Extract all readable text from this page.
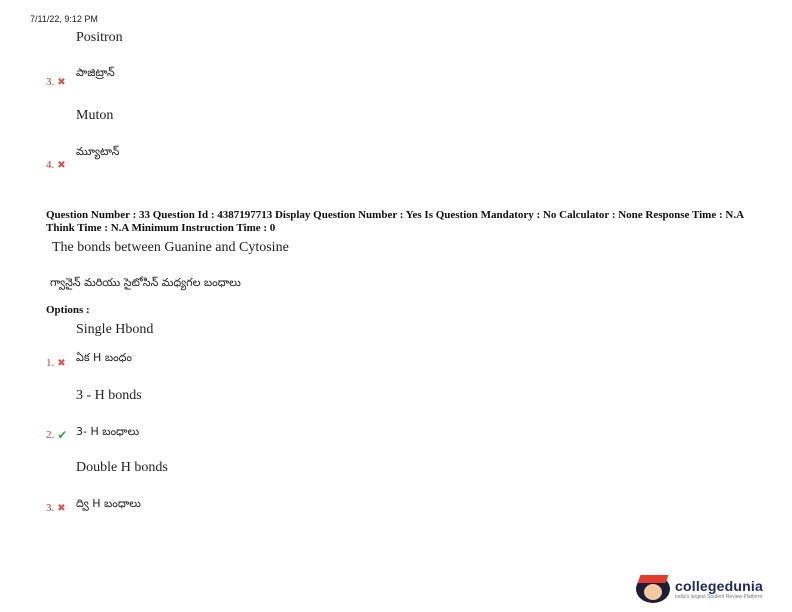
7/11/22, 9:12 PM
Positron
3. ✖
పాజిట్రాన్
Muton
4. ✖
మ్యూటాన్
Question Number : 33 Question Id : 4387197713 Display Question Number : Yes Is Question Mandatory : No Calculator : None Response Time : N.A Think Time : N.A Minimum Instruction Time : 0
The bonds between Guanine and Cytosine
గ్వానైన్ మరియు సైటోసిన్ మధ్యగల బంధాలు
Options :
Single Hbond
1. ✖ ఏక H బంధం
3 - H bonds
2. ✔ 3- H బంధాలు
Double H bonds
3. ✖ ద్వి H బంధాలు
collegedunia
India's largest Student Review Platform
